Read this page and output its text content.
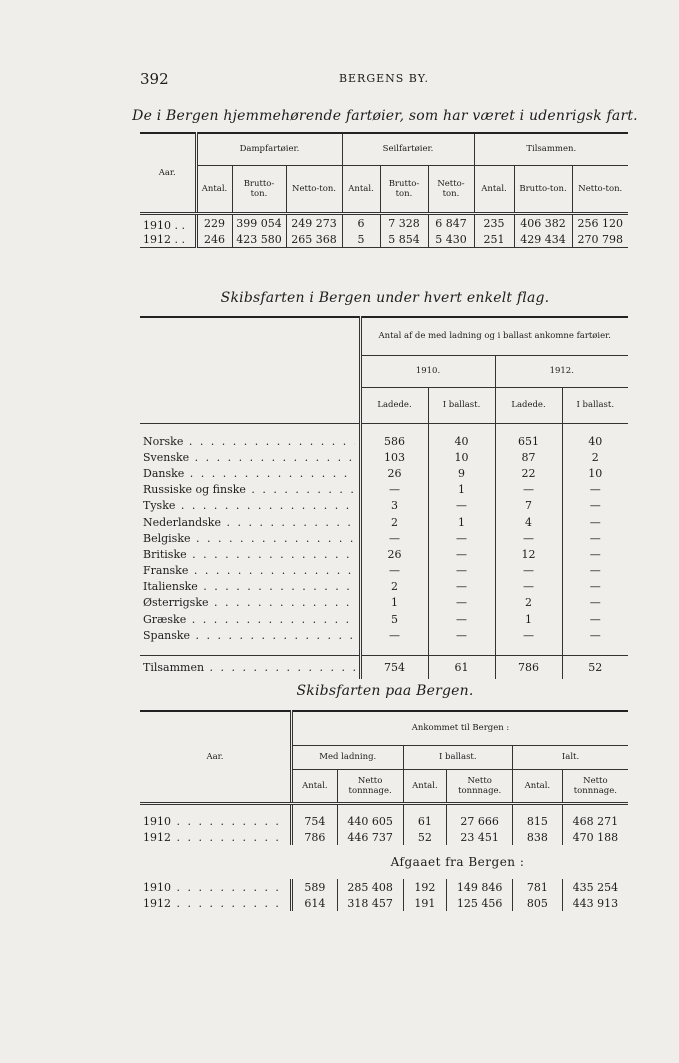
392	BERGENS BY.
De i Bergen hjemmehørende fartøier, som har været i udenrigsk fart.
Aar.	Dampfartøier.			Seilfartøier.			Tilsammen.		
	Antal.	Brutto-ton.	Netto-ton.	Antal.	Brutto-ton.	Netto-ton.	Antal.	Brutto-ton.	Netto-ton.
1910 . .	229	399 054	249 273	6	7 328	6 847	235	406 382	256 120
1912 . .	246	423 580	265 368	5	5 854	5 430	251	429 434	270 798
Skibsfarten i Bergen under hvert enkelt flag.
	Antal af de med ladning og i ballast ankomne fartøier.			
	1910.		1912.	
	Ladede.	I ballast.	Ladede.	I ballast.

Norske . . .	586	40	651	40

Svenske . . .	103	10	87	2

Danske . . .	26	9	22	10

Russiske og finske . . .	—	1	—	—

Tyske . . .	3	—	7	—

Nederlandske . . .	2	1	4	—

Belgiske . . .	—	—	—	—

Britiske . . .	26	—	12	—

Franske . . .	—	—	—	—

Italienske . . .	2	—	—	—

Østerrigske . . .	1	—	2	—

Græske . . .	5	—	1	—

Spanske . . .	—	—	—	—

Tilsammen . . .	754	61	786	52
Skibsfarten paa Bergen.
Aar.	Ankommet til Bergen :					
	Med ladning.		I ballast.		Ialt.	
	Antal.	Netto tonnnage.	Antal.	Netto tonnnage.	Antal.	Netto tonnnage.

1910 . . .	754	440 605	61	27 666	815	468 271

1912 . . .	786	446 737	52	23 451	838	470 188
Afgaaet fra Bergen :						

1910 . . .	589	285 408	192	149 846	781	435 254

1912 . . .	614	318 457	191	125 456	805	443 913
